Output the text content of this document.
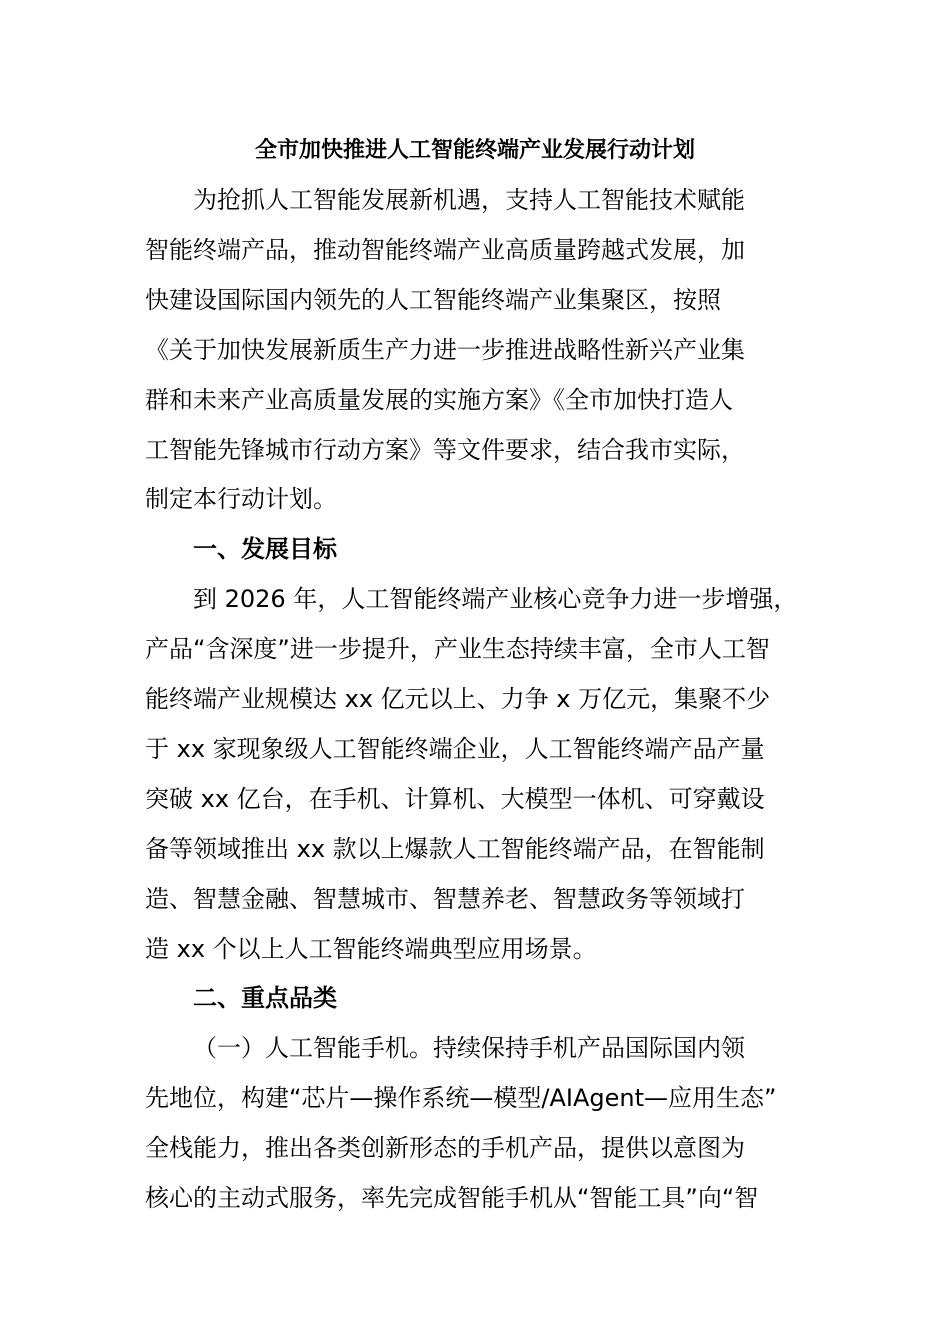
全市加快推进人工智能终端产业发展行动计划

为抢抓人工智能发展新机遇，支持人工智能技术赋能

智能终端产品，推动智能终端产业高质量跨越式发展，加

快建设国际国内领先的人工智能终端产业集聚区，按照

《关于加快发展新质生产力进一步推进战略性新兴产业集

群和未来产业高质量发展的实施方案》《全市加快打造人

工智能先锋城市行动方案》等文件要求，结合我市实际，

制定本行动计划。

一、发展目标

到 2026 年，人工智能终端产业核心竞争力进一步增强，

产品“含深度”进一步提升，产业生态持续丰富，全市人工智

能终端产业规模达 xx 亿元以上、力争 x 万亿元，集聚不少

于 xx 家现象级人工智能终端企业，人工智能终端产品产量

突破 xx 亿台，在手机、计算机、大模型一体机、可穿戴设

备等领域推出 xx 款以上爆款人工智能终端产品，在智能制

造、智慧金融、智慧城市、智慧养老、智慧政务等领域打

造 xx 个以上人工智能终端典型应用场景。

二、重点品类

（一）人工智能手机。持续保持手机产品国际国内领

先地位，构建“芯片—操作系统—模型/AIAgent—应用生态”

全栈能力，推出各类创新形态的手机产品，提供以意图为

核心的主动式服务，率先完成智能手机从“智能工具”向“智
